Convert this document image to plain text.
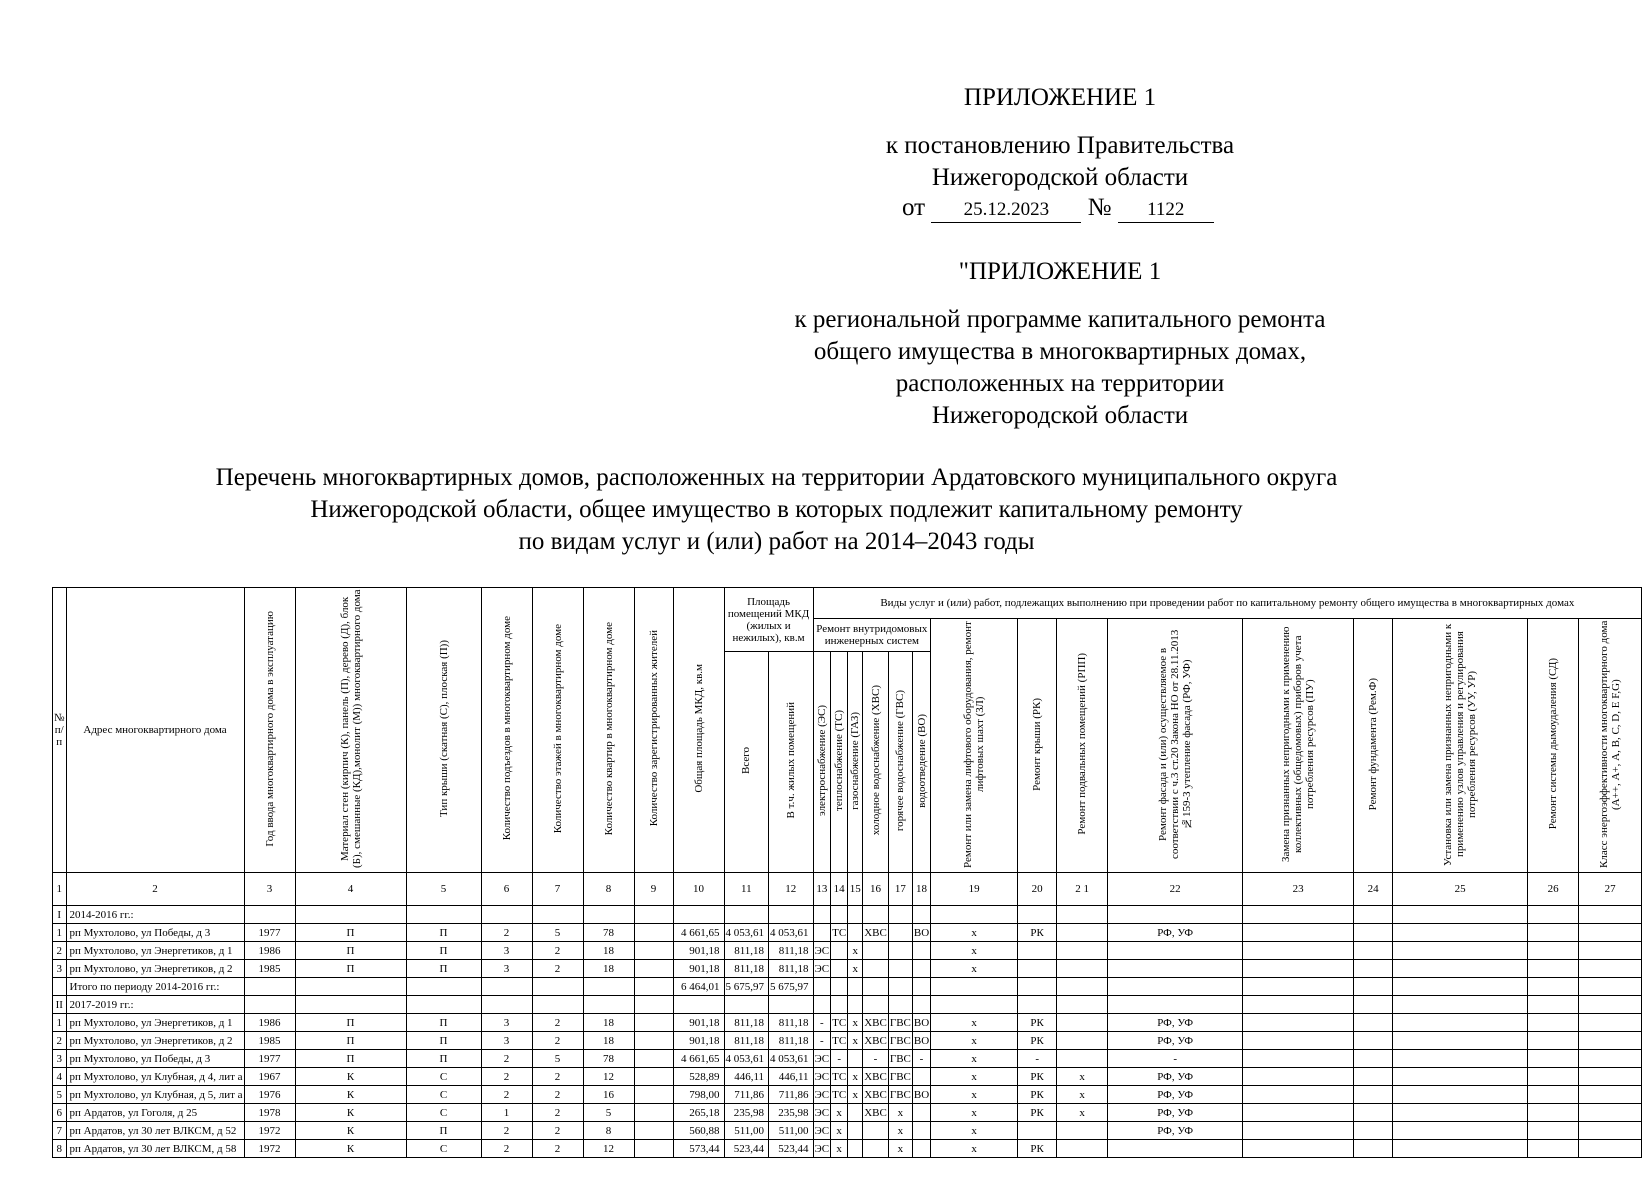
ПРИЛОЖЕНИЕ 1
к постановлению Правительства
Нижегородской области
от 25.12.2023 № 1122
"ПРИЛОЖЕНИЕ 1
к региональной программе капитального ремонта
общего имущества в многоквартирных домах,
расположенных на территории
Нижегородской области
Перечень многоквартирных домов, расположенных на территории Ардатовского муниципального округа
Нижегородской области, общее имущество в которых подлежит капитальному ремонту
по видам услуг и (или) работ на 2014–2043 годы
№ п/п	Адрес многоквартирного дома	Год ввода многоквартирного дома в эксплуатацию	Материал стен (кирпич (К), панель (П), дерево (Д), блок (Б), смешанные (КД),монолит (М)) многоквартирного дома	Тип крыши (скатная (С), плоская (П))	Количество подъездов в многоквартирном доме	Количество этажей в многоквартирном доме	Количество квартир в многоквартирном доме	Количество зарегистрированных жителей	Общая площадь МКД, кв.м	Площадь помещений МКД (жилых и нежилых), кв.м		Виды услуг и (или) работ, подлежащих выполнению при проведении работ по капитальному ремонту общего имущества в многоквартирных домах														
												Ремонт внутридомовых инженерных систем						Ремонт или замена лифтового оборудования, ремонт лифтовых шахт (ЗЛ)	Ремонт крыши (РК)	Ремонт подвальных помещений (РПП)	Ремонт фасада и (или) осуществляемое в соответствии с ч.3 ст.20 Закона НО от 28.11.2013 №159-З утепление фасада (РФ, УФ)	Замена признанных непригодными к применению коллективных (общедомовых) приборов учета потребления ресурсов (ПУ)	Ремонт фундамента (Рем.Ф)	Установка или замена признанных непригодными к применению узлов управления и регулирования потребления ресурсов (УУ, УР)	Ремонт системы дымоудаления (СД)	Класс энергоэффективности многоквартирного дома (А++, А+, А, В, С, D, E F,G)
										Всего	В т.ч. жилых помещений	электроснабжение (ЭС)	теплоснабжение (ТС)	газоснабжение (ГАЗ)	холодное водоснабжение (ХВС)	горячее водоснабжение (ГВС)	водоотведение (ВО)									
1	2	3	4	5	6	7	8	9	10	11	12	13	14	15	16	17	18	19	20	2 1	22	23	24	25	26	27
I	2014-2016 гг.:																									
1	рп Мухтолово, ул Победы, д 3	1977	П	П	2	5	78		4 661,65	4 053,61	4 053,61		ТС		ХВС		ВО	х	РК		РФ, УФ					
2	рп Мухтолово, ул Энергетиков, д 1	1986	П	П	3	2	18		901,18	811,18	811,18	ЭС		х				х								
3	рп Мухтолово, ул Энергетиков, д 2	1985	П	П	3	2	18		901,18	811,18	811,18	ЭС		х				х								
	Итого по периоду 2014-2016 гг.:								6 464,01	5 675,97	5 675,97															
II	2017-2019 гг.:																									
1	рп Мухтолово, ул Энергетиков, д 1	1986	П	П	3	2	18		901,18	811,18	811,18	-	ТС	х	ХВС	ГВС	ВО	х	РК		РФ, УФ					
2	рп Мухтолово, ул Энергетиков, д 2	1985	П	П	3	2	18		901,18	811,18	811,18	-	ТС	х	ХВС	ГВС	ВО	х	РК		РФ, УФ					
3	рп Мухтолово, ул Победы, д 3	1977	П	П	2	5	78		4 661,65	4 053,61	4 053,61	ЭС	-		-	ГВС	-	х	-		-					
4	рп Мухтолово, ул Клубная, д 4, лит а	1967	К	С	2	2	12		528,89	446,11	446,11	ЭС	ТС	х	ХВС	ГВС		х	РК	х	РФ, УФ					
5	рп Мухтолово, ул Клубная, д 5, лит а	1976	К	С	2	2	16		798,00	711,86	711,86	ЭС	ТС	х	ХВС	ГВС	ВО	х	РК	х	РФ, УФ					
6	рп Ардатов, ул Гоголя, д 25	1978	К	С	1	2	5		265,18	235,98	235,98	ЭС	х		ХВС	х		х	РК	х	РФ, УФ					
7	рп Ардатов, ул 30 лет ВЛКСМ, д 52	1972	К	П	2	2	8		560,88	511,00	511,00	ЭС	х			х		х			РФ, УФ					
8	рп Ардатов, ул 30 лет ВЛКСМ, д 58	1972	К	С	2	2	12		573,44	523,44	523,44	ЭС	х			х		х	РК							
